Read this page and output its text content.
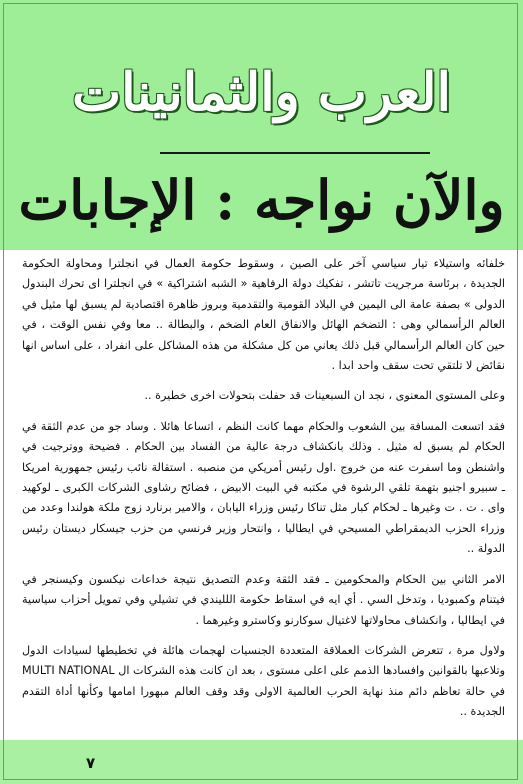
العرب والثمانينات
والآن نواجه : الإجابات

خلفائه واستيلاء تيار سياسي آخر على الصين ، وسقوط حكومة العمال في انجلترا ومحاولة الحكومة الجديدة ، برئاسة مرجريت تاتشر ، تفكيك دولة الرفاهية « الشبه اشتراكية » في انجلترا اى تحرك البندول الدولى » بصفة عامة الى اليمين في البلاد القومية والتقدمية وبروز ظاهرة اقتصادية لم يسبق لها مثيل في العالم الرأسمالي وهى : التضخم الهائل والانفاق العام الضخم ، والبطالة .. معا وفي نفس الوقت ، في حين كان العالم الرأسمالي قبل ذلك يعاني من كل مشكلة من هذه المشاكل على انفراد ، على اساس انها نقائض لا تلتقي تحت سقف واحد ابدا .

وعلى المستوى المعنوى ، نجد ان السبعينات قد حفلت بتحولات اخرى خطيرة ..

فقد اتسعت المسافة بين الشعوب والحكام مهما كانت النظم ، اتساعا هائلا . وساد جو من عدم الثقة في الحكام لم يسبق له مثيل . وذلك بانكشاف درجة عالية من الفساد بين الحكام . فضيحة ووترجيت في واشنطن وما اسفرت عنه من خروج .اول رئيس أمريكي من منصبه . استقالة نائب رئيس جمهورية امريكا ـ سبيرو اجنيو بتهمة تلقي الرشوة في مكتبه في البيت الابيض ، فضائح رشاوى الشركات الكبرى ـ لوكهيد واى . ت . ت وغيرها ـ لحكام كبار مثل تناكا رئيس وزراء اليابان ، والامير برنارد زوج ملكة هولندا وعدد من وزراء الحزب الديمقراطي المسيحي في ايطاليا ، وانتحار وزير فرنسي من حزب جيسكار ديستان رئيس الدولة ..

الامر الثاني بين الحكام والمحكومين ـ فقد الثقة وعدم التصديق نتيجة خداعات نيكسون وكيسنجر في فيتنام وكمبوديا ، وتدخل السي . أي ايه في اسقاط حكومة اللليندي في تشيلي وفي تمويل أحزاب سياسية في ايطاليا ، وانكشاف محاولاتها لاغتيال سوكارنو وكاسترو وغيرهما .

ولاول مرة ، تتعرض الشركات العملاقة المتعددة الجنسيات لهجمات هائلة في تخطيطها لسيادات الدول وتلاعبها بالقوانين وافسادها الذمم على اعلى مستوى ، بعد ان كانت هذه الشركات ال MULTI NATIONAL في حالة تعاظم دائم منذ نهاية الحرب العالمية الاولى وقد وقف العالم مبهورا امامها وكأنها أداة التقدم الجديدة ..

٧
